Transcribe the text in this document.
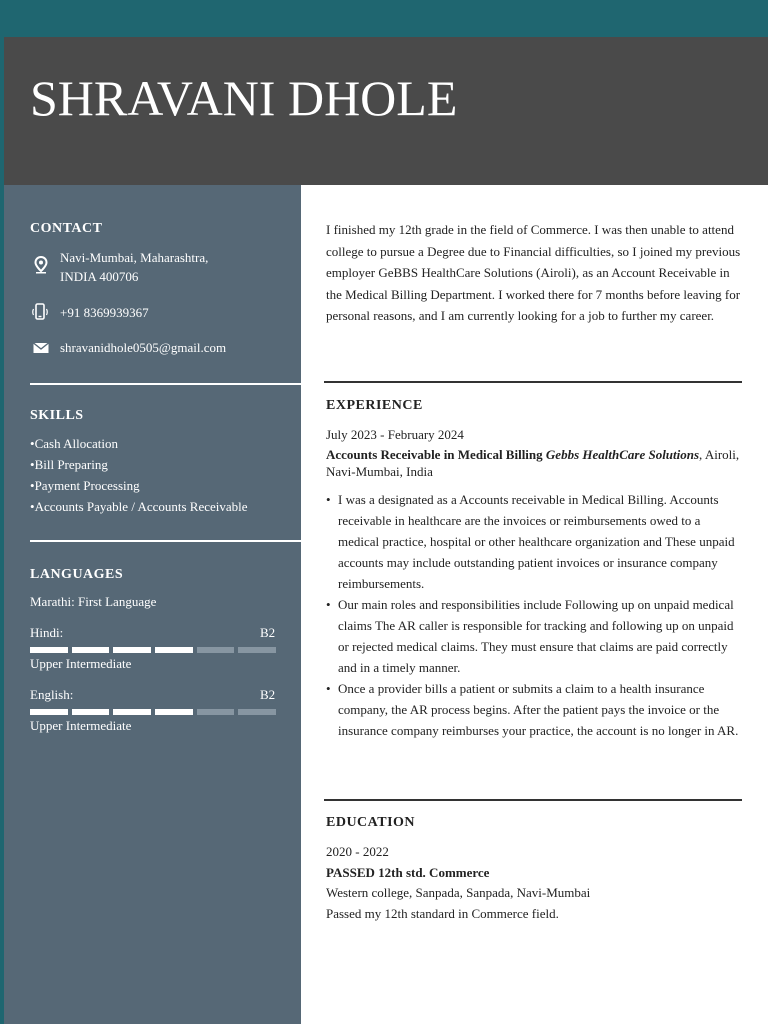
SHRAVANI DHOLE
CONTACT
Navi-Mumbai, Maharashtra,
INDIA 400706
+91 8369939367
shravanidhole0505@gmail.com
SKILLS
• Cash Allocation
• Bill Preparing
• Payment Processing
• Accounts Payable / Accounts Receivable
LANGUAGES
Marathi: First Language
Hindi:	B2
Upper Intermediate
English:	B2
Upper Intermediate

I finished my 12th grade in the field of Commerce. I was then unable to attend college to pursue a Degree due to Financial difficulties, so I joined my previous employer GeBBS HealthCare Solutions (Airoli), as an Account Receivable in the Medical Billing Department. I worked there for 7 months before leaving for personal reasons, and I am currently looking for a job to further my career.

EXPERIENCE
July 2023 - February 2024
Accounts Receivable in Medical Billing Gebbs HealthCare Solutions, Airoli, Navi-Mumbai, India
• I was a designated as a Accounts receivable in Medical Billing. Accounts receivable in healthcare are the invoices or reimbursements owed to a medical practice, hospital or other healthcare organization and These unpaid accounts may include outstanding patient invoices or insurance company reimbursements.
• Our main roles and responsibilities include Following up on unpaid medical claims The AR caller is responsible for tracking and following up on unpaid or rejected medical claims. They must ensure that claims are paid correctly and in a timely manner.
• Once a provider bills a patient or submits a claim to a health insurance company, the AR process begins. After the patient pays the invoice or the insurance company reimburses your practice, the account is no longer in AR.
EDUCATION
2020 - 2022
PASSED 12th std. Commerce
Western college, Sanpada, Sanpada, Navi-Mumbai
Passed my 12th standard in Commerce field.
